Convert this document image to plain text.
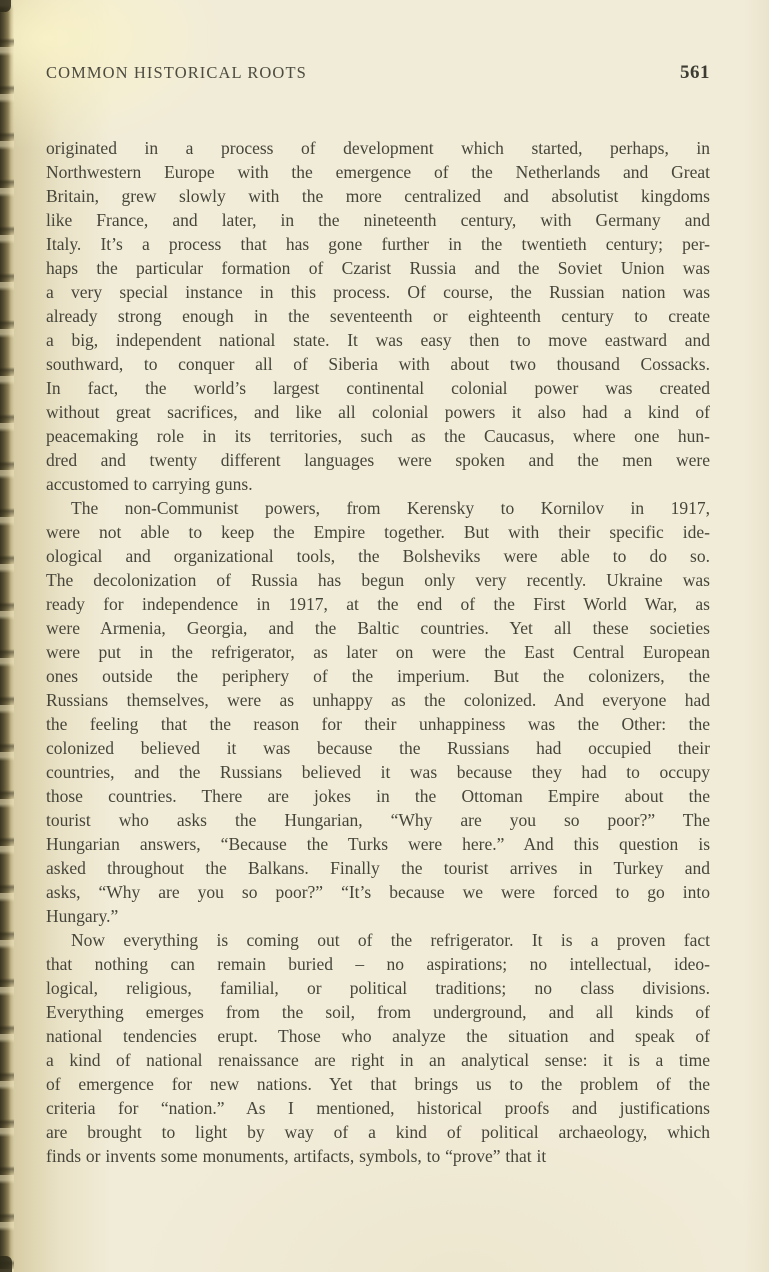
COMMON HISTORICAL ROOTS	561
originated in a process of development which started, perhaps, in
Northwestern Europe with the emergence of the Netherlands and Great
Britain, grew slowly with the more centralized and absolutist kingdoms
like France, and later, in the nineteenth century, with Germany and
Italy. It’s a process that has gone further in the twentieth century; per-
haps the particular formation of Czarist Russia and the Soviet Union was
a very special instance in this process. Of course, the Russian nation was
already strong enough in the seventeenth or eighteenth century to create
a big, independent national state. It was easy then to move eastward and
southward, to conquer all of Siberia with about two thousand Cossacks.
In fact, the world’s largest continental colonial power was created
without great sacrifices, and like all colonial powers it also had a kind of
peacemaking role in its territories, such as the Caucasus, where one hun-
dred and twenty different languages were spoken and the men were
accustomed to carrying guns.
The non-Communist powers, from Kerensky to Kornilov in 1917,
were not able to keep the Empire together. But with their specific ide-
ological and organizational tools, the Bolsheviks were able to do so.
The decolonization of Russia has begun only very recently. Ukraine was
ready for independence in 1917, at the end of the First World War, as
were Armenia, Georgia, and the Baltic countries. Yet all these societies
were put in the refrigerator, as later on were the East Central European
ones outside the periphery of the imperium. But the colonizers, the
Russians themselves, were as unhappy as the colonized. And everyone had
the feeling that the reason for their unhappiness was the Other: the
colonized believed it was because the Russians had occupied their
countries, and the Russians believed it was because they had to occupy
those countries. There are jokes in the Ottoman Empire about the
tourist who asks the Hungarian, “Why are you so poor?” The
Hungarian answers, “Because the Turks were here.” And this question is
asked throughout the Balkans. Finally the tourist arrives in Turkey and
asks, “Why are you so poor?” “It’s because we were forced to go into
Hungary.”
Now everything is coming out of the refrigerator. It is a proven fact
that nothing can remain buried – no aspirations; no intellectual, ideo-
logical, religious, familial, or political traditions; no class divisions.
Everything emerges from the soil, from underground, and all kinds of
national tendencies erupt. Those who analyze the situation and speak of
a kind of national renaissance are right in an analytical sense: it is a time
of emergence for new nations. Yet that brings us to the problem of the
criteria for “nation.” As I mentioned, historical proofs and justifications
are brought to light by way of a kind of political archaeology, which
finds or invents some monuments, artifacts, symbols, to “prove” that it
